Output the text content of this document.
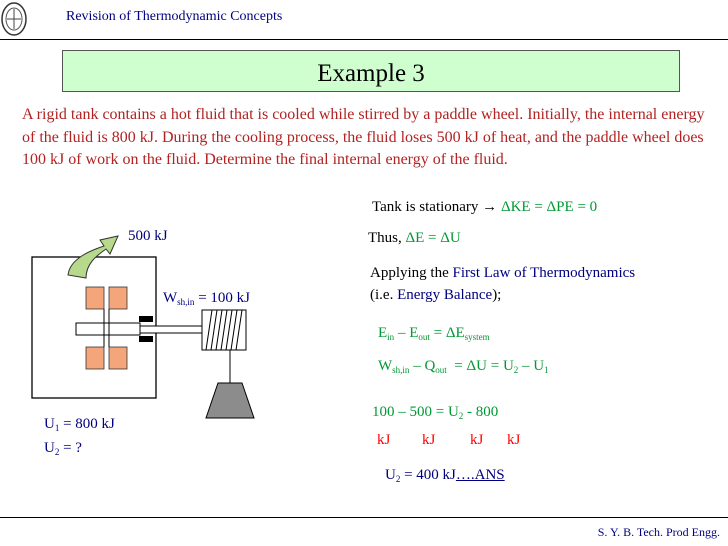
Revision of Thermodynamic Concepts
Example 3
A rigid tank contains a hot fluid that is cooled while stirred by a paddle wheel. Initially, the internal energy of the fluid is 800 kJ. During the cooling process, the fluid loses 500 kJ of heat, and the paddle wheel does 100 kJ of work on the fluid. Determine the final internal energy of the fluid.
500 kJ
$W_{sh,in} = 100$ kJ
$U_1 = 800$ kJ
$U_2$ = ?
Tank is stationary → ΔKE = ΔPE = 0
Thus, ΔE = ΔU
Applying the First Law of Thermodynamics
(i.e. Energy Balance);
$E_{in} - E_{out} = \Delta E_{system}$
$W_{sh,in} - Q_{out} = \Delta U = U_2 - U_1$
$100 - 500 = U_2 - 800$
kJ kJ kJ kJ
$U_2 = 400$ kJ….ANS
S. Y. B. Tech. Prod Engg.
